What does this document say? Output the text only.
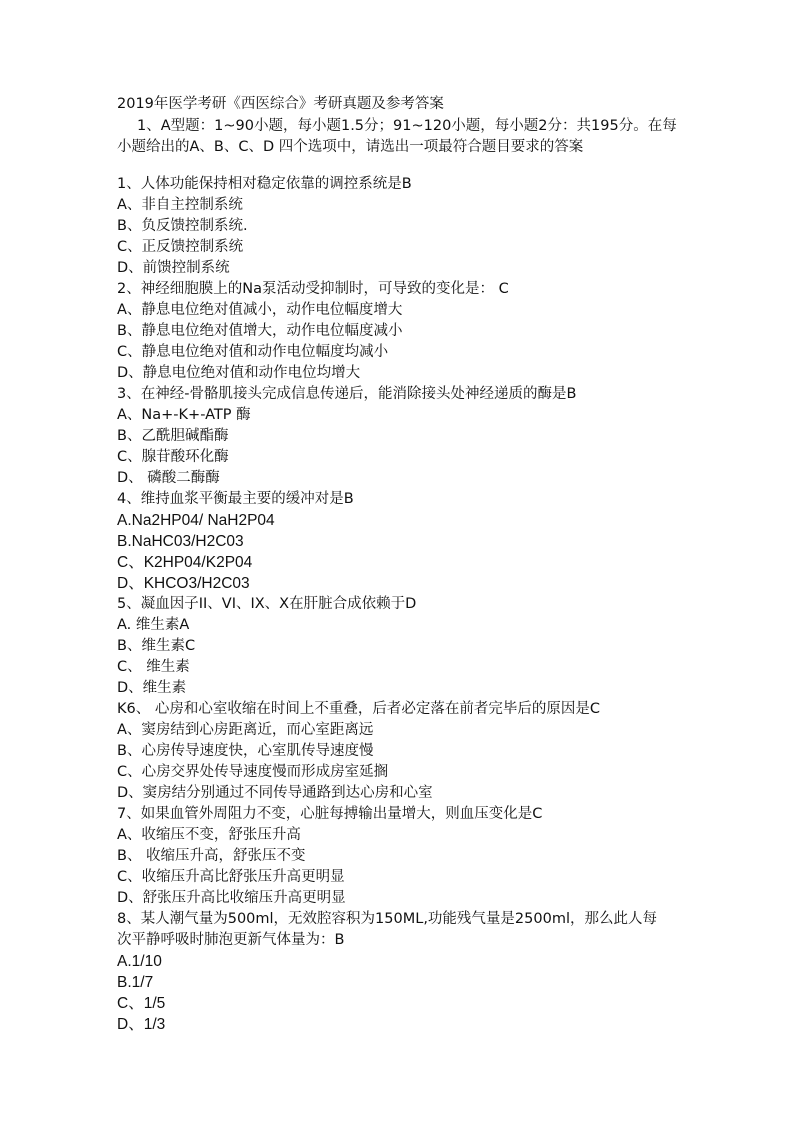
2019年医学考研《西医综合》考研真题及参考答案
1、A型题：1~90小题，每小题1.5分；91~120小题，每小题2分：共195分。在每
小题给出的A、B、C、D 四个选项中，请选出一项最符合题目要求的答案
1、人体功能保持相对稳定依靠的调控系统是B
A、非自主控制系统
B、负反馈控制系统.
C、正反馈控制系统
D、前馈控制系统
2、神经细胞膜上的Na泵活动受抑制时，可导致的变化是： C
A、静息电位绝对值减小，动作电位幅度增大
B、静息电位绝对值增大，动作电位幅度减小
C、静息电位绝对值和动作电位幅度均减小
D、静息电位绝对值和动作电位均增大
3、在神经-骨骼肌接头完成信息传递后，能消除接头处神经递质的酶是B
A、Na+-K+-ATP 酶
B、乙酰胆碱酯酶
C、腺苷酸环化酶
D、 磷酸二酶酶
4、维持血浆平衡最主要的缓冲对是B
A.Na2HP04/ NaH2P04
B.NaHC03/H2C03
C、K2HP04/K2P04
D、KHCO3/H2C03
5、凝血因子II、VI、IX、X在肝脏合成依赖于D
A. 维生素A
B、维生素C
C、 维生素
D、维生素
K6、 心房和心室收缩在时间上不重叠，后者必定落在前者完毕后的原因是C
A、窦房结到心房距离近，而心室距离远
B、心房传导速度快，心室肌传导速度慢
C、心房交界处传导速度慢而形成房室延搁
D、窦房结分别通过不同传导通路到达心房和心室
7、如果血管外周阻力不变，心脏每搏输出量增大，则血压变化是C
A、收缩压不变，舒张压升高
B、 收缩压升高，舒张压不变
C、收缩压升高比舒张压升高更明显
D、舒张压升高比收缩压升高更明显
8、某人潮气量为500ml，无效腔容积为150ML,功能残气量是2500ml，那么此人每
次平静呼吸时肺泡更新气体量为：B
A.1/10
B.1/7
C、1/5
D、1/3
